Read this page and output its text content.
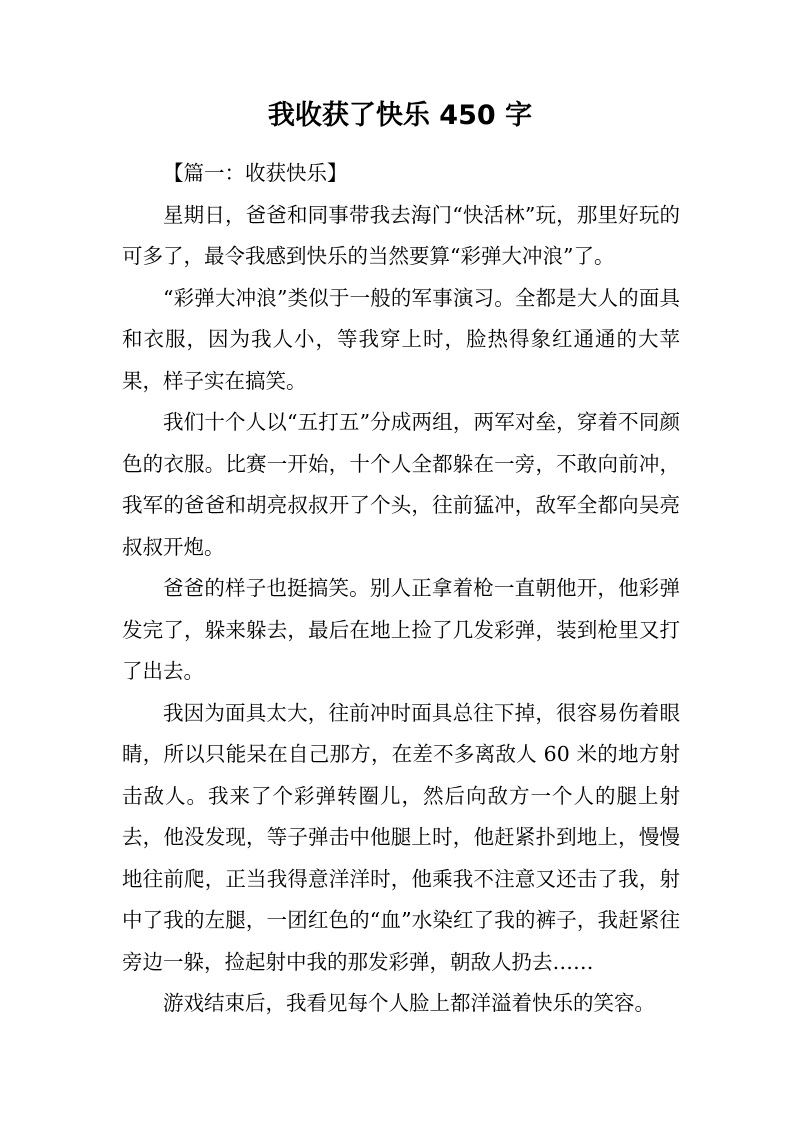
我收获了快乐 450 字

【篇一：收获快乐】

星期日，爸爸和同事带我去海门“快活林”玩，那里好玩的可多了，最令我感到快乐的当然要算“彩弹大冲浪”了。

“彩弹大冲浪”类似于一般的军事演习。全都是大人的面具和衣服，因为我人小，等我穿上时，脸热得象红通通的大苹果，样子实在搞笑。

我们十个人以“五打五”分成两组，两军对垒，穿着不同颜色的衣服。比赛一开始，十个人全都躲在一旁，不敢向前冲，我军的爸爸和胡亮叔叔开了个头，往前猛冲，敌军全都向吴亮叔叔开炮。

爸爸的样子也挺搞笑。别人正拿着枪一直朝他开，他彩弹发完了，躲来躲去，最后在地上捡了几发彩弹，装到枪里又打了出去。

我因为面具太大，往前冲时面具总往下掉，很容易伤着眼睛，所以只能呆在自己那方，在差不多离敌人 60 米的地方射击敌人。我来了个彩弹转圈儿，然后向敌方一个人的腿上射去，他没发现，等子弹击中他腿上时，他赶紧扑到地上，慢慢地往前爬，正当我得意洋洋时，他乘我不注意又还击了我，射中了我的左腿，一团红色的“血”水染红了我的裤子，我赶紧往旁边一躲，捡起射中我的那发彩弹，朝敌人扔去……

游戏结束后，我看见每个人脸上都洋溢着快乐的笑容。
